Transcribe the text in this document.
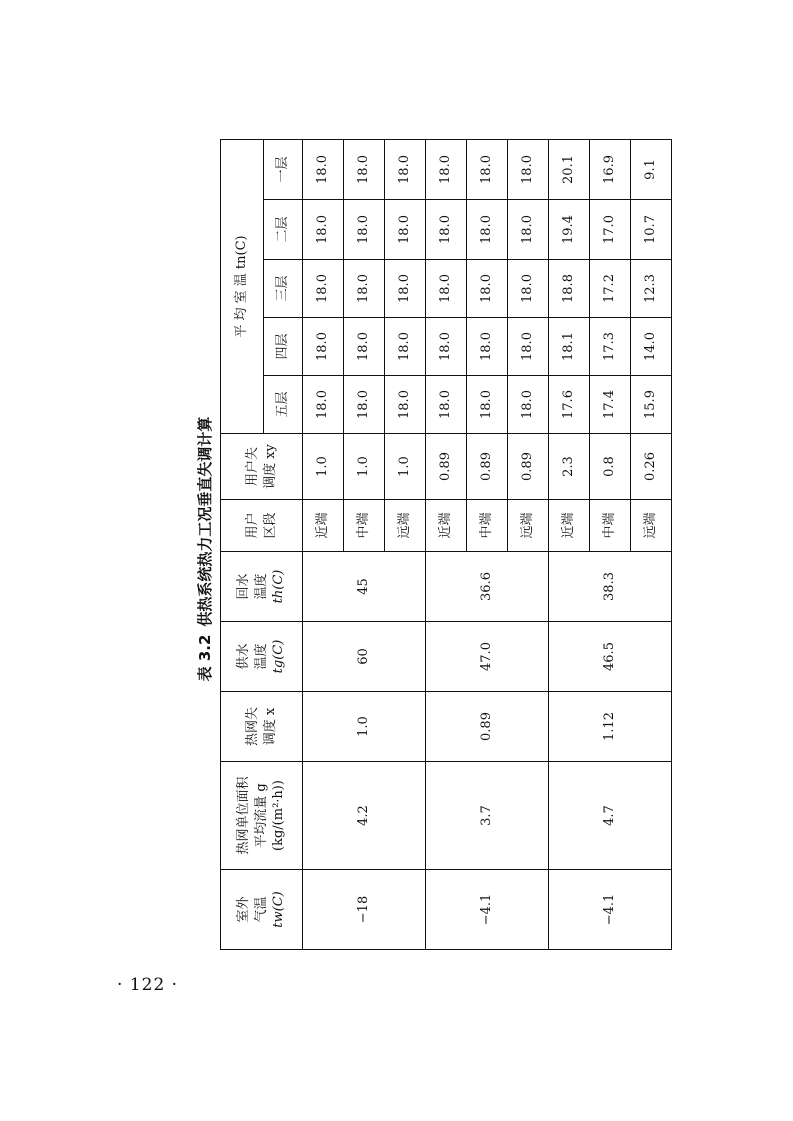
表 3.2供热系统热力工况垂直失调计算
室外 气温 tw(C)	热网单位面积 平均流量 g (kg/(m²·h))	热网失 调度 x	供水 温度 tg(C)	回水 温度 th(C)	用户 区段	用户失 调度 xy	平 均 室 温 tn(C)				
							五层	四层	三层	二层	一层
−18	4.2	1.0	60	45	近端	1.0	18.0	18.0	18.0	18.0	18.0
					中端	1.0	18.0	18.0	18.0	18.0	18.0
					远端	1.0	18.0	18.0	18.0	18.0	18.0
−4.1	3.7	0.89	47.0	36.6	近端	0.89	18.0	18.0	18.0	18.0	18.0
					中端	0.89	18.0	18.0	18.0	18.0	18.0
					远端	0.89	18.0	18.0	18.0	18.0	18.0
−4.1	4.7	1.12	46.5	38.3	近端	2.3	17.6	18.1	18.8	19.4	20.1
					中端	0.8	17.4	17.3	17.2	17.0	16.9
					远端	0.26	15.9	14.0	12.3	10.7	9.1
· 122 ·
